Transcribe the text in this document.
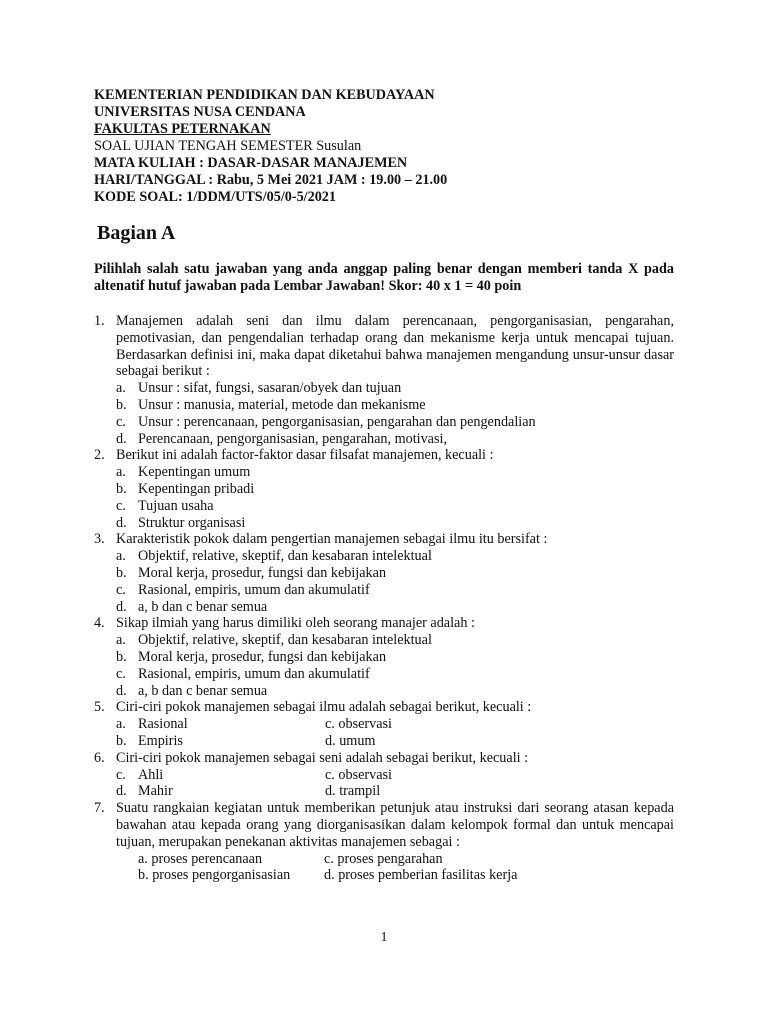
KEMENTERIAN PENDIDIKAN DAN KEBUDAYAAN
UNIVERSITAS NUSA CENDANA
FAKULTAS PETERNAKAN
SOAL UJIAN TENGAH SEMESTER Susulan
MATA KULIAH : DASAR-DASAR MANAJEMEN
HARI/TANGGAL : Rabu, 5 Mei 2021 JAM : 19.00 – 21.00
KODE SOAL: 1/DDM/UTS/05/0-5/2021
Bagian A
Pilihlah salah satu jawaban yang anda anggap paling benar dengan memberi tanda X pada altenatif hutuf jawaban pada Lembar Jawaban! Skor: 40 x 1 = 40 poin
1. Manajemen adalah seni dan ilmu dalam perencanaan, pengorganisasian, pengarahan, pemotivasian, dan pengendalian terhadap orang dan mekanisme kerja untuk mencapai tujuan. Berdasarkan definisi ini, maka dapat diketahui bahwa manajemen mengandung unsur-unsur dasar sebagai berikut :
a. Unsur : sifat, fungsi, sasaran/obyek dan tujuan
b. Unsur : manusia, material, metode dan mekanisme
c. Unsur : perencanaan, pengorganisasian, pengarahan dan pengendalian
d. Perencanaan, pengorganisasian, pengarahan, motivasi,
2. Berikut ini adalah factor-faktor dasar filsafat manajemen, kecuali :
a. Kepentingan umum
b. Kepentingan pribadi
c. Tujuan usaha
d. Struktur organisasi
3. Karakteristik pokok dalam pengertian manajemen sebagai ilmu itu bersifat :
a. Objektif, relative, skeptif, dan kesabaran intelektual
b. Moral kerja, prosedur, fungsi dan kebijakan
c. Rasional, empiris, umum dan akumulatif
d. a, b dan c benar semua
4. Sikap ilmiah yang harus dimiliki oleh seorang manajer adalah :
a. Objektif, relative, skeptif, dan kesabaran intelektual
b. Moral kerja, prosedur, fungsi dan kebijakan
c. Rasional, empiris, umum dan akumulatif
d. a, b dan c benar semua
5. Ciri-ciri pokok manajemen sebagai ilmu adalah sebagai berikut, kecuali :
a. Rasional	c. observasi
b. Empiris	d. umum
6. Ciri-ciri pokok manajemen sebagai seni adalah sebagai berikut, kecuali :
c. Ahli	c. observasi
d. Mahir	d. trampil
7. Suatu rangkaian kegiatan untuk memberikan petunjuk atau instruksi dari seorang atasan kepada bawahan atau kepada orang yang diorganisasikan dalam kelompok formal dan untuk mencapai tujuan, merupakan penekanan aktivitas manajemen sebagai :
a. proses perencanaan	c. proses pengarahan
b. proses pengorganisasian d. proses pemberian fasilitas kerja
1
